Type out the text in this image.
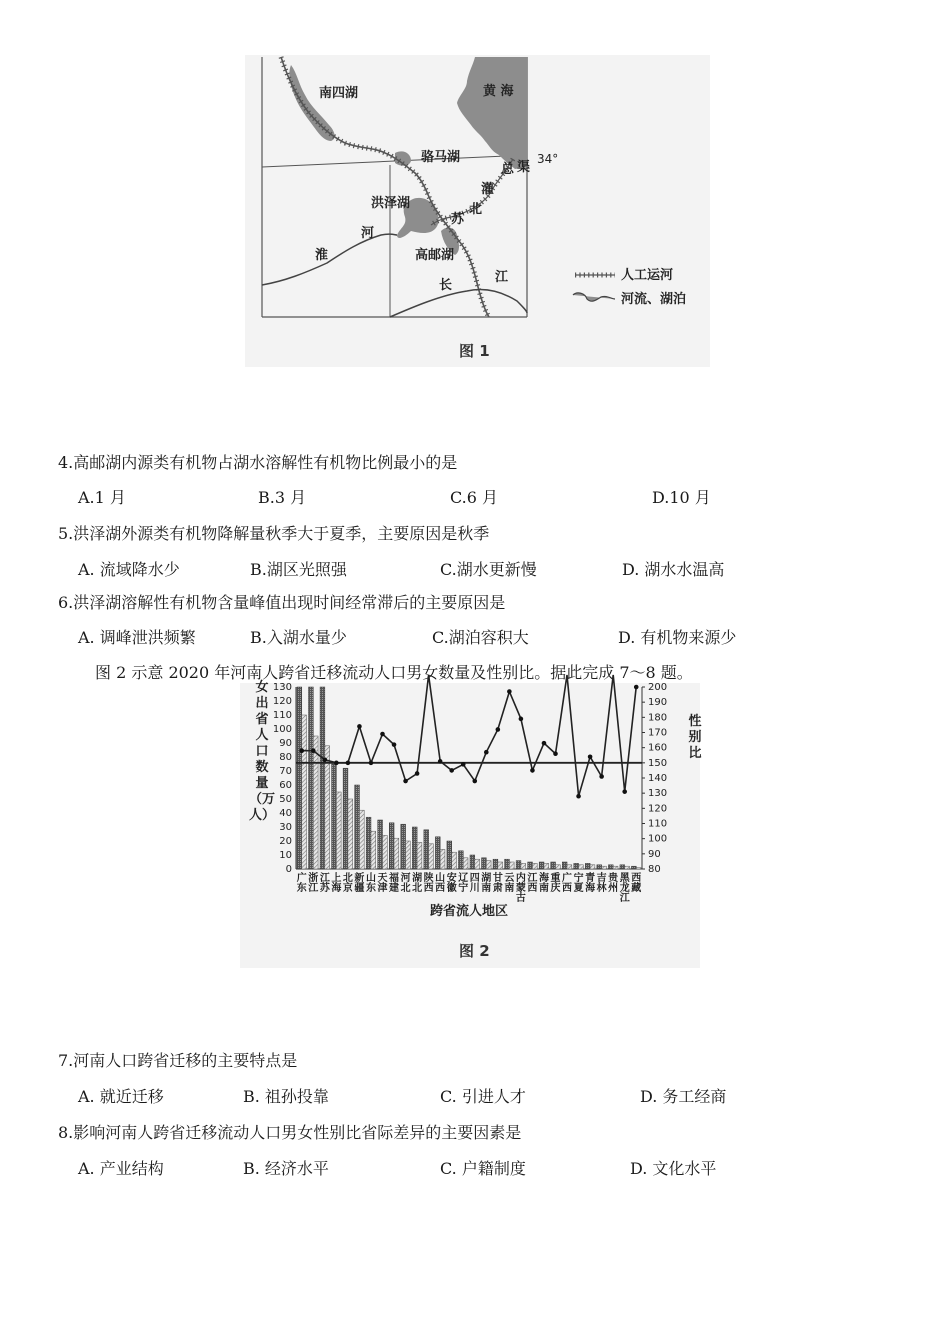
南四湖	黄 海
骆马湖
总 渠
灌
洪泽湖
苏
北
河
淮	高邮湖
长
江
34°
人工运河
河流、湖泊
图 1
4.高邮湖内源类有机物占湖水溶解性有机物比例最小的是
A.1 月	B.3 月	C.6 月	D.10 月
5.洪泽湖外源类有机物降解量秋季大于夏季，主要原因是秋季
A. 流域降水少	B.湖区光照强	C.湖水更新慢	D. 湖水水温高
6.洪泽湖溶解性有机物含量峰值出现时间经常滞后的主要原因是
A. 调峰泄洪频繁	B.入湖水量少	C.湖泊容积大	D. 有机物来源少
图 2 示意 2020 年河南人跨省迁移流动人口男女数量及性别比。据此完成 7～8 题。
0
10
20
30
40
50
60
70
80
90
100
110
120
130
80
90
100
110
120
130
140
150
160
170
180
190
200
女
出
省
人
口
数
量
（万
人）
性
别
比
广
东
浙
江
江
苏
上
海
北
京
新
疆
山
东
天
津
福
建
河
北
湖
北
陕
西
山
西
安
徽
辽
宁
四
川
湖
南
甘
肃
云
南
内
蒙
古
江
西
海
南
重
庆
广
西
宁
夏
青
海
吉
林
贵
州
黑
龙
江
西
藏
跨省流人地区
图 2
7.河南人口跨省迁移的主要特点是
A. 就近迁移	B. 祖孙投靠	C. 引进人才	D. 务工经商
8.影响河南人跨省迁移流动人口男女性别比省际差异的主要因素是
A. 产业结构	B. 经济水平	C. 户籍制度	D. 文化水平
